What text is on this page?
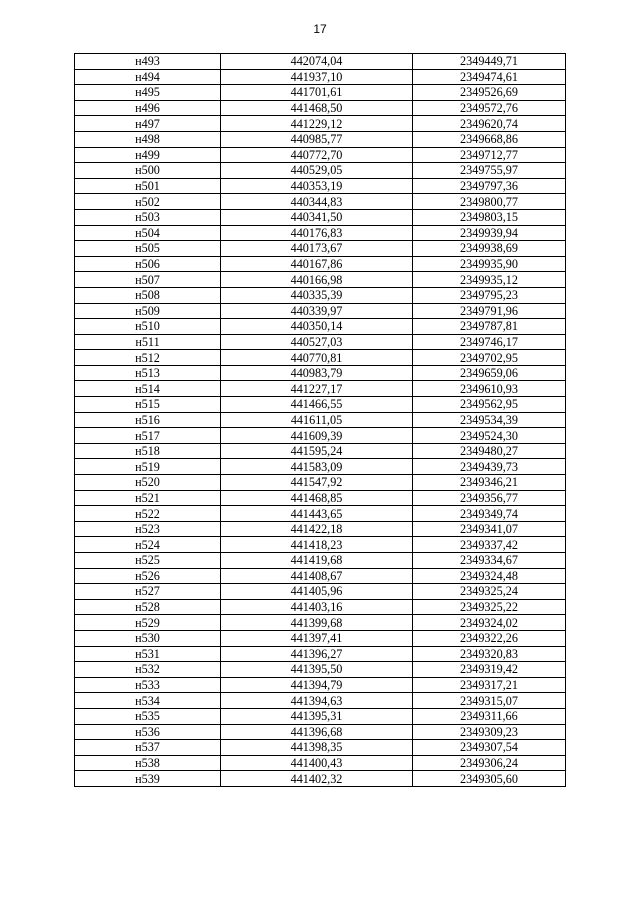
17
н493	442074,04	2349449,71
н494	441937,10	2349474,61
н495	441701,61	2349526,69
н496	441468,50	2349572,76
н497	441229,12	2349620,74
н498	440985,77	2349668,86
н499	440772,70	2349712,77
н500	440529,05	2349755,97
н501	440353,19	2349797,36
н502	440344,83	2349800,77
н503	440341,50	2349803,15
н504	440176,83	2349939,94
н505	440173,67	2349938,69
н506	440167,86	2349935,90
н507	440166,98	2349935,12
н508	440335,39	2349795,23
н509	440339,97	2349791,96
н510	440350,14	2349787,81
н511	440527,03	2349746,17
н512	440770,81	2349702,95
н513	440983,79	2349659,06
н514	441227,17	2349610,93
н515	441466,55	2349562,95
н516	441611,05	2349534,39
н517	441609,39	2349524,30
н518	441595,24	2349480,27
н519	441583,09	2349439,73
н520	441547,92	2349346,21
н521	441468,85	2349356,77
н522	441443,65	2349349,74
н523	441422,18	2349341,07
н524	441418,23	2349337,42
н525	441419,68	2349334,67
н526	441408,67	2349324,48
н527	441405,96	2349325,24
н528	441403,16	2349325,22
н529	441399,68	2349324,02
н530	441397,41	2349322,26
н531	441396,27	2349320,83
н532	441395,50	2349319,42
н533	441394,79	2349317,21
н534	441394,63	2349315,07
н535	441395,31	2349311,66
н536	441396,68	2349309,23
н537	441398,35	2349307,54
н538	441400,43	2349306,24
н539	441402,32	2349305,60
